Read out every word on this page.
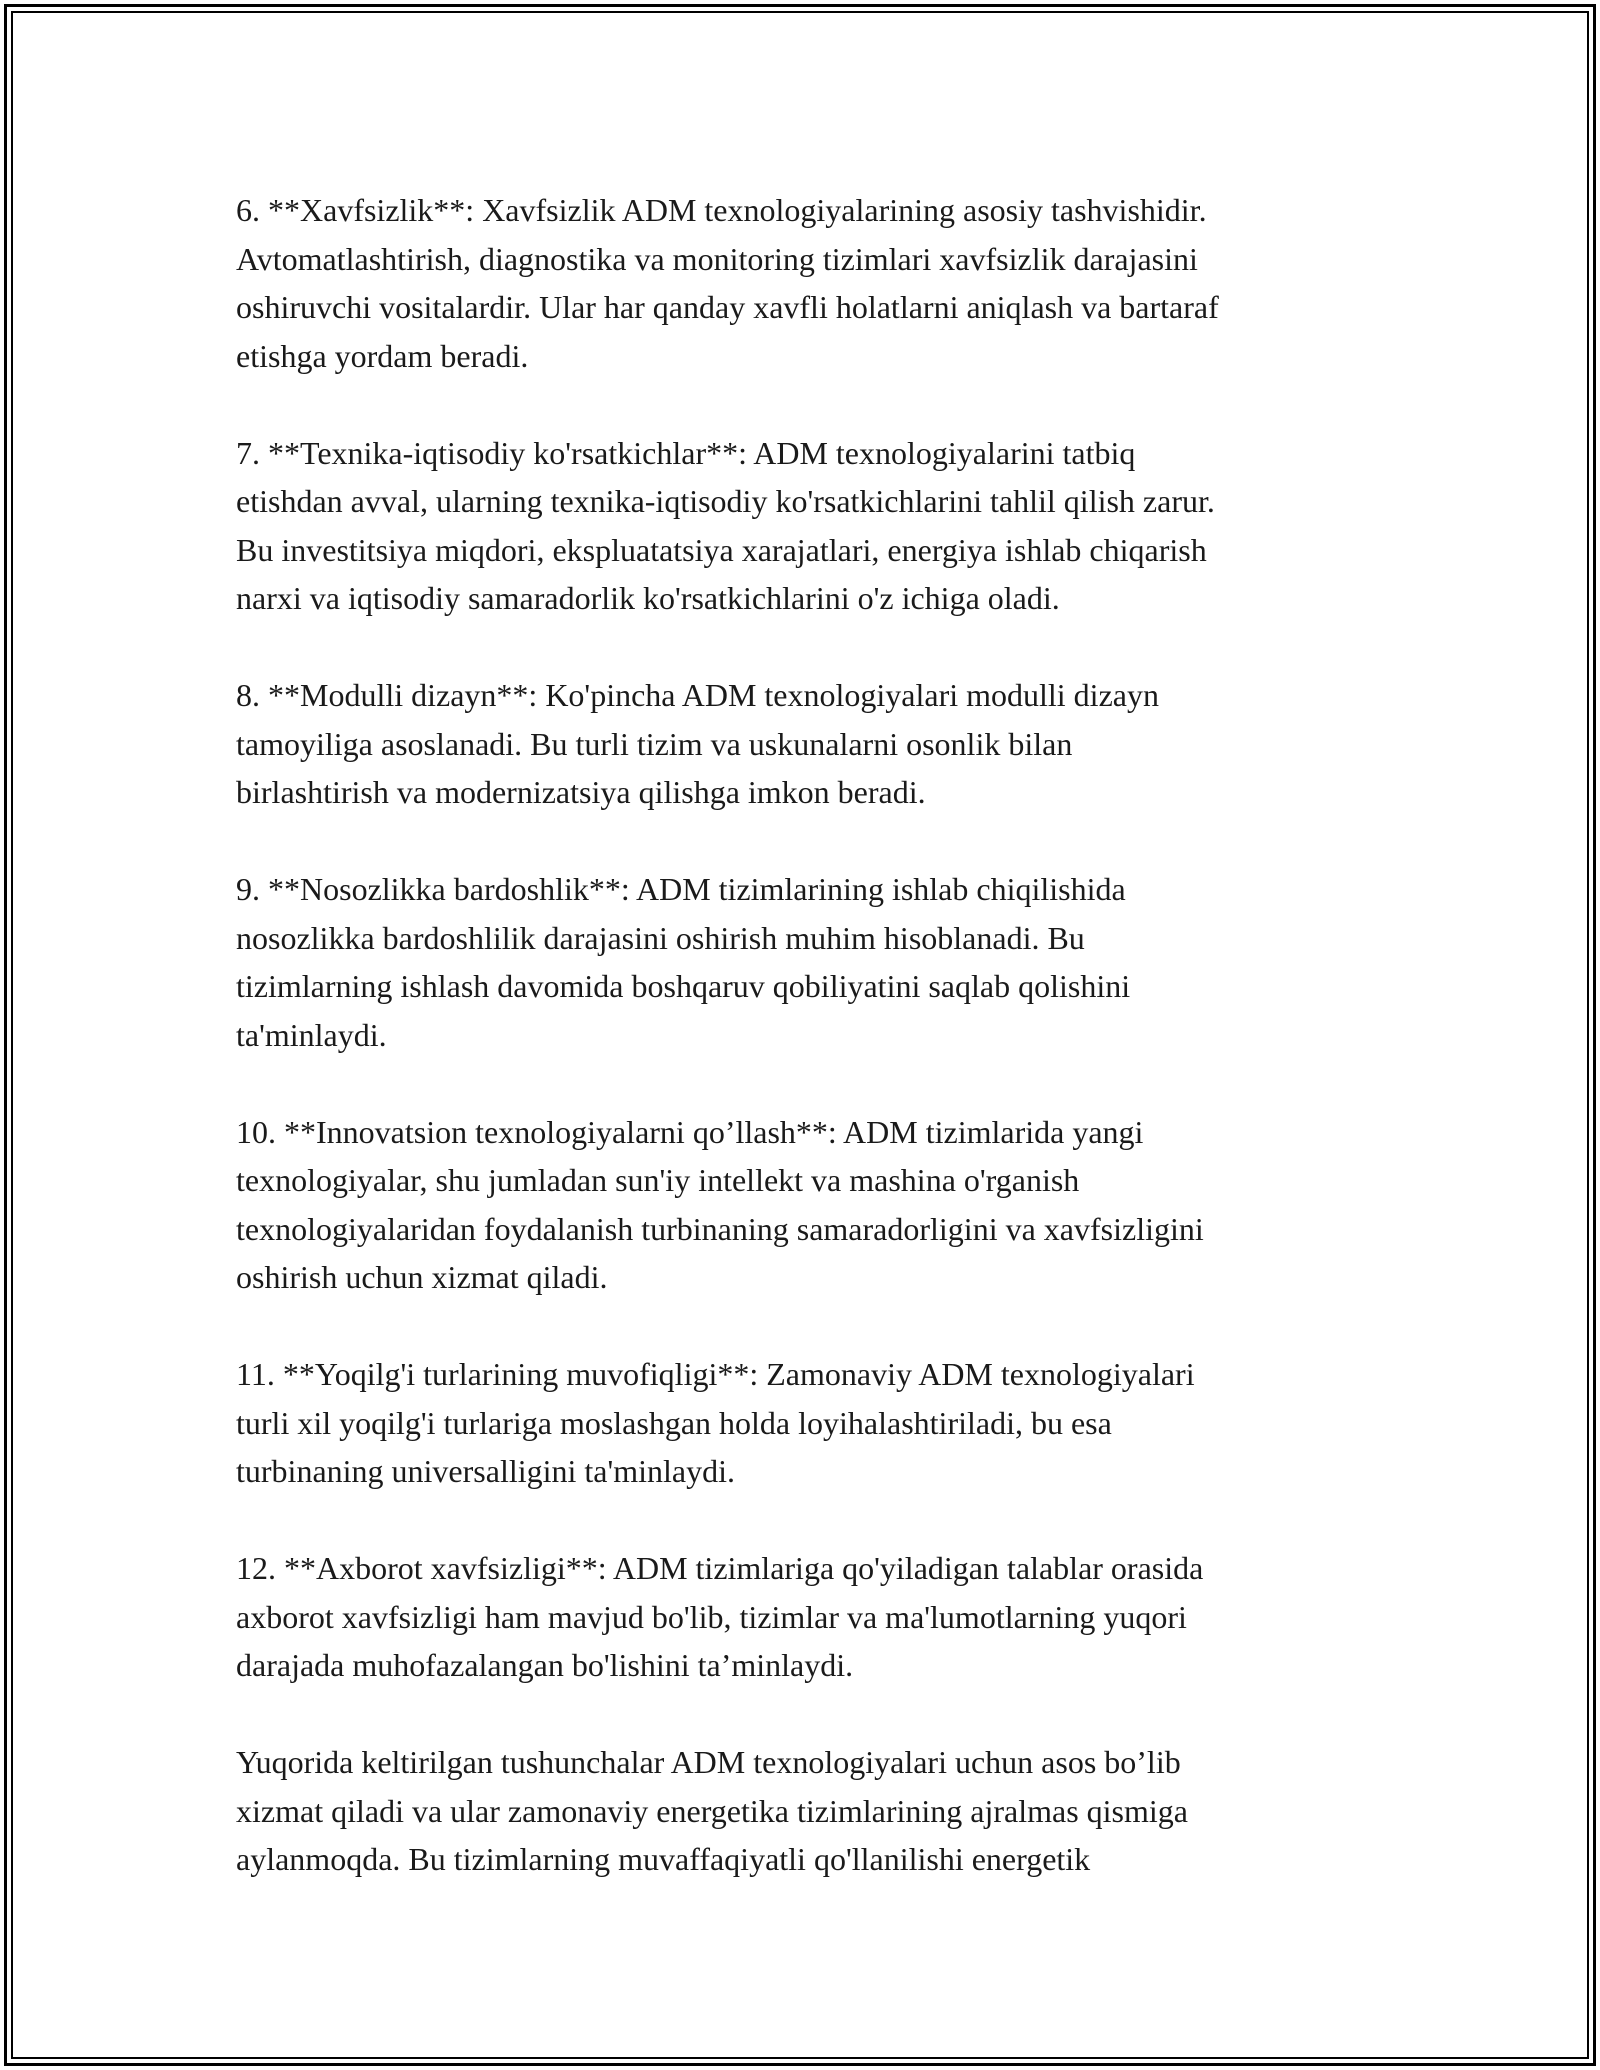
6. **Xavfsizlik**: Xavfsizlik ADM texnologiyalarining asosiy tashvishidir.
Avtomatlashtirish, diagnostika va monitoring tizimlari xavfsizlik darajasini
oshiruvchi vositalardir. Ular har qanday xavfli holatlarni aniqlash va bartaraf
etishga yordam beradi.

7. **Texnika-iqtisodiy ko'rsatkichlar**: ADM texnologiyalarini tatbiq
etishdan avval, ularning texnika-iqtisodiy ko'rsatkichlarini tahlil qilish zarur.
Bu investitsiya miqdori, ekspluatatsiya xarajatlari, energiya ishlab chiqarish
narxi va iqtisodiy samaradorlik ko'rsatkichlarini o'z ichiga oladi.

8. **Modulli dizayn**: Ko'pincha ADM texnologiyalari modulli dizayn
tamoyiliga asoslanadi. Bu turli tizim va uskunalarni osonlik bilan
birlashtirish va modernizatsiya qilishga imkon beradi.

9. **Nosozlikka bardoshlik**: ADM tizimlarining ishlab chiqilishida
nosozlikka bardoshlilik darajasini oshirish muhim hisoblanadi. Bu
tizimlarning ishlash davomida boshqaruv qobiliyatini saqlab qolishini
ta'minlaydi.

10. **Innovatsion texnologiyalarni qo’llash**: ADM tizimlarida yangi
texnologiyalar, shu jumladan sun'iy intellekt va mashina o'rganish
texnologiyalaridan foydalanish turbinaning samaradorligini va xavfsizligini
oshirish uchun xizmat qiladi.

11. **Yoqilg'i turlarining muvofiqligi**: Zamonaviy ADM texnologiyalari
turli xil yoqilg'i turlariga moslashgan holda loyihalashtiriladi, bu esa
turbinaning universalligini ta'minlaydi.

12. **Axborot xavfsizligi**: ADM tizimlariga qo'yiladigan talablar orasida
axborot xavfsizligi ham mavjud bo'lib, tizimlar va ma'lumotlarning yuqori
darajada muhofazalangan bo'lishini ta’minlaydi.

Yuqorida keltirilgan tushunchalar ADM texnologiyalari uchun asos bo’lib
xizmat qiladi va ular zamonaviy energetika tizimlarining ajralmas qismiga
aylanmoqda. Bu tizimlarning muvaffaqiyatli qo'llanilishi energetik
